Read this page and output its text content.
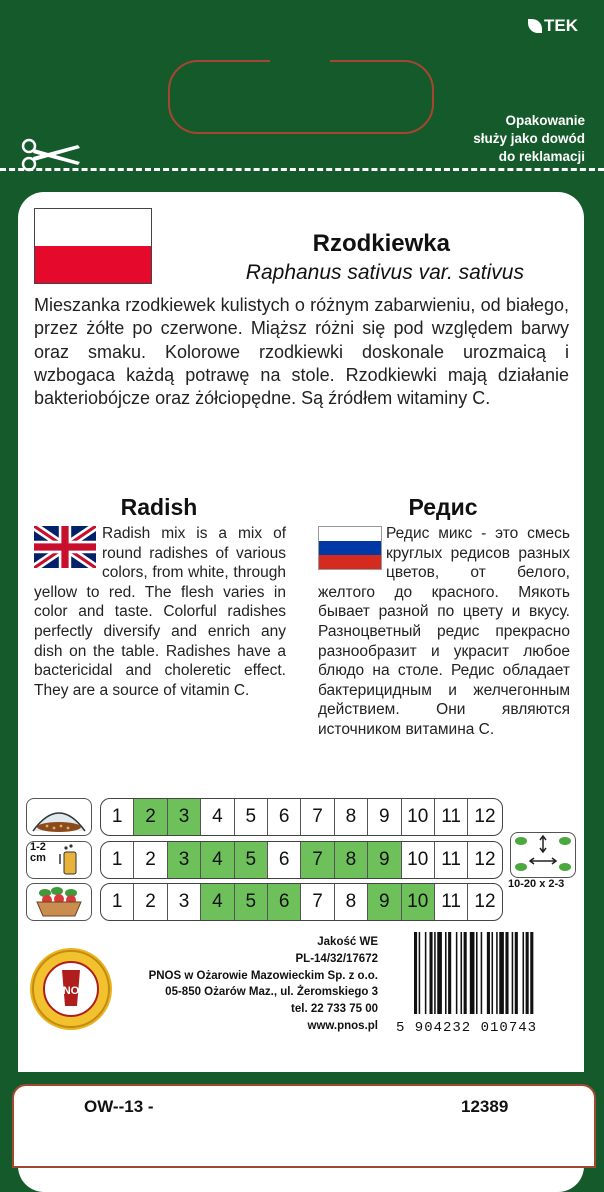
TEK
Opakowanie
służy jako dowód
do reklamacji
Rzodkiewka
Raphanus sativus var. sativus
Mieszanka rzodkiewek kulistych o różnym zabarwieniu, od białego, przez żółte po czerwone. Miąższ różni się pod względem barwy oraz smaku. Kolorowe rzodkiewki doskonale urozmaicą i wzbogaca każdą potrawę na stole. Rzodkiewki mają działanie bakteriobójcze oraz żółciopędne. Są źródłem witaminy C.
Radish	Редис
Radish mix is a mix of round radishes of various colors, from white, through yellow to red. The flesh varies in color and taste. Colorful radishes perfectly diversify and enrich any dish on the table. Radishes have a bactericidal and choleretic effect. They are a source of vitamin C.
Редис микс - это смесь круглых редисов разных цветов, от белого, желтого до красного. Мякоть бывает разной по цвету и вкусу. Разноцветный редис прекрасно разнообразит и украсит любое блюдо на столе. Редис обладает бактерицидным и желчегонным действием. Они являются источником витамина С.
1-2
cm
1	2	3	4	5	6	7	8	9 10 11 12
1	2	3	4	5	6	7	8	9 10 11 12
1	2	3	4	5	6	7	8	9 10 11 12
10-20 x 2-3
PNOS
Jakość WE
PL-14/32/17672
PNOS w Ożarowie Mazowieckim Sp. z o.o.
05-850 Ożarów Maz., ul. Żeromskiego 3
tel. 22 733 75 00
www.pnos.pl 5 904232 010743
OW--13 -	12389
